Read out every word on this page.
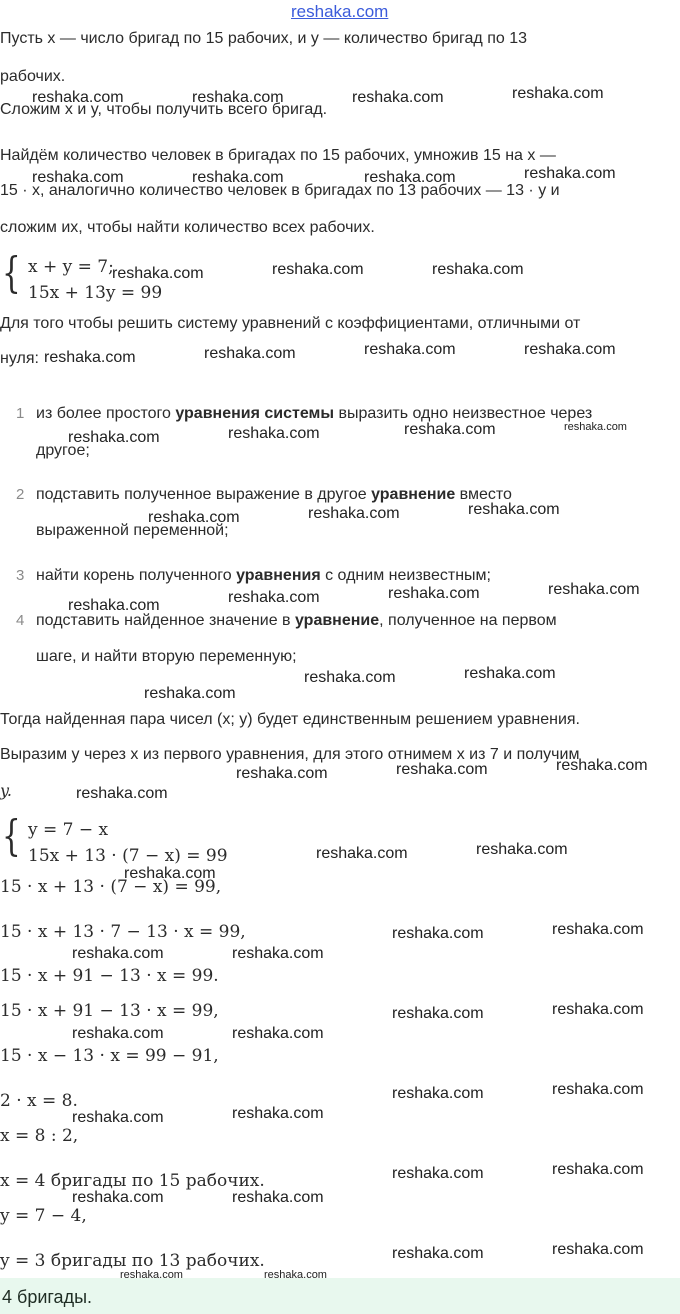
reshaka.com
Пусть x — число бригад по 15 рабочих, и y — количество бригад по 13
рабочих.
Сложим x и y, чтобы получить всего бригад.
Найдём количество человек в бригадах по 15 рабочих, умножив 15 на x —
15 · x, аналогично количество человек в бригадах по 13 рабочих — 13 · y и
сложим их, чтобы найти количество всех рабочих.
{ x + y = 7;
15x + 13y = 99
Для того чтобы решить систему уравнений с коэффициентами, отличными от
нуля:
1 из более простого уравнения системы выразить одно неизвестное через
другое;
2 подставить полученное выражение в другое уравнение вместо
выраженной переменной;
3 найти корень полученного уравнения с одним неизвестным;
4 подставить найденное значение в уравнение, полученное на первом
шаге, и найти вторую переменную;
Тогда найденная пара чисел (x; y) будет единственным решением уравнения.
Выразим y через x из первого уравнения, для этого отнимем x из 7 и получим
y.
{ y = 7 − x
15x + 13 · (7 − x) = 99
15 · x + 13 · (7 − x) = 99,
15 · x + 13 · 7 − 13 · x = 99,
15 · x + 91 − 13 · x = 99.
15 · x + 91 − 13 · x = 99,
15 · x − 13 · x = 99 − 91,
2 · x = 8.
x = 8 : 2,
x = 4 бригады по 15 рабочих.
y = 7 − 4,
y = 3 бригады по 13 рабочих.
4 бригады.
reshaka.com	reshaka.com	reshaka.com	reshaka.com
reshaka.com	reshaka.com	reshaka.com	reshaka.com
reshaka.com	reshaka.com	reshaka.com
reshaka.com	reshaka.com	reshaka.com	reshaka.com
reshaka.com	reshaka.com	reshaka.com	reshaka.com
reshaka.com	reshaka.com	reshaka.com
reshaka.com	reshaka.com	reshaka.com	reshaka.com
reshaka.com	reshaka.com
reshaka.com
reshaka.com	reshaka.com	reshaka.com
reshaka.com
reshaka.com	reshaka.com
reshaka.com
reshaka.com	reshaka.com
reshaka.com	reshaka.com
reshaka.com	reshaka.com
reshaka.com	reshaka.com
reshaka.com	reshaka.com
reshaka.com	reshaka.com
reshaka.com	reshaka.com
reshaka.com	reshaka.com
reshaka.com	reshaka.com
reshaka.com	reshaka.com
